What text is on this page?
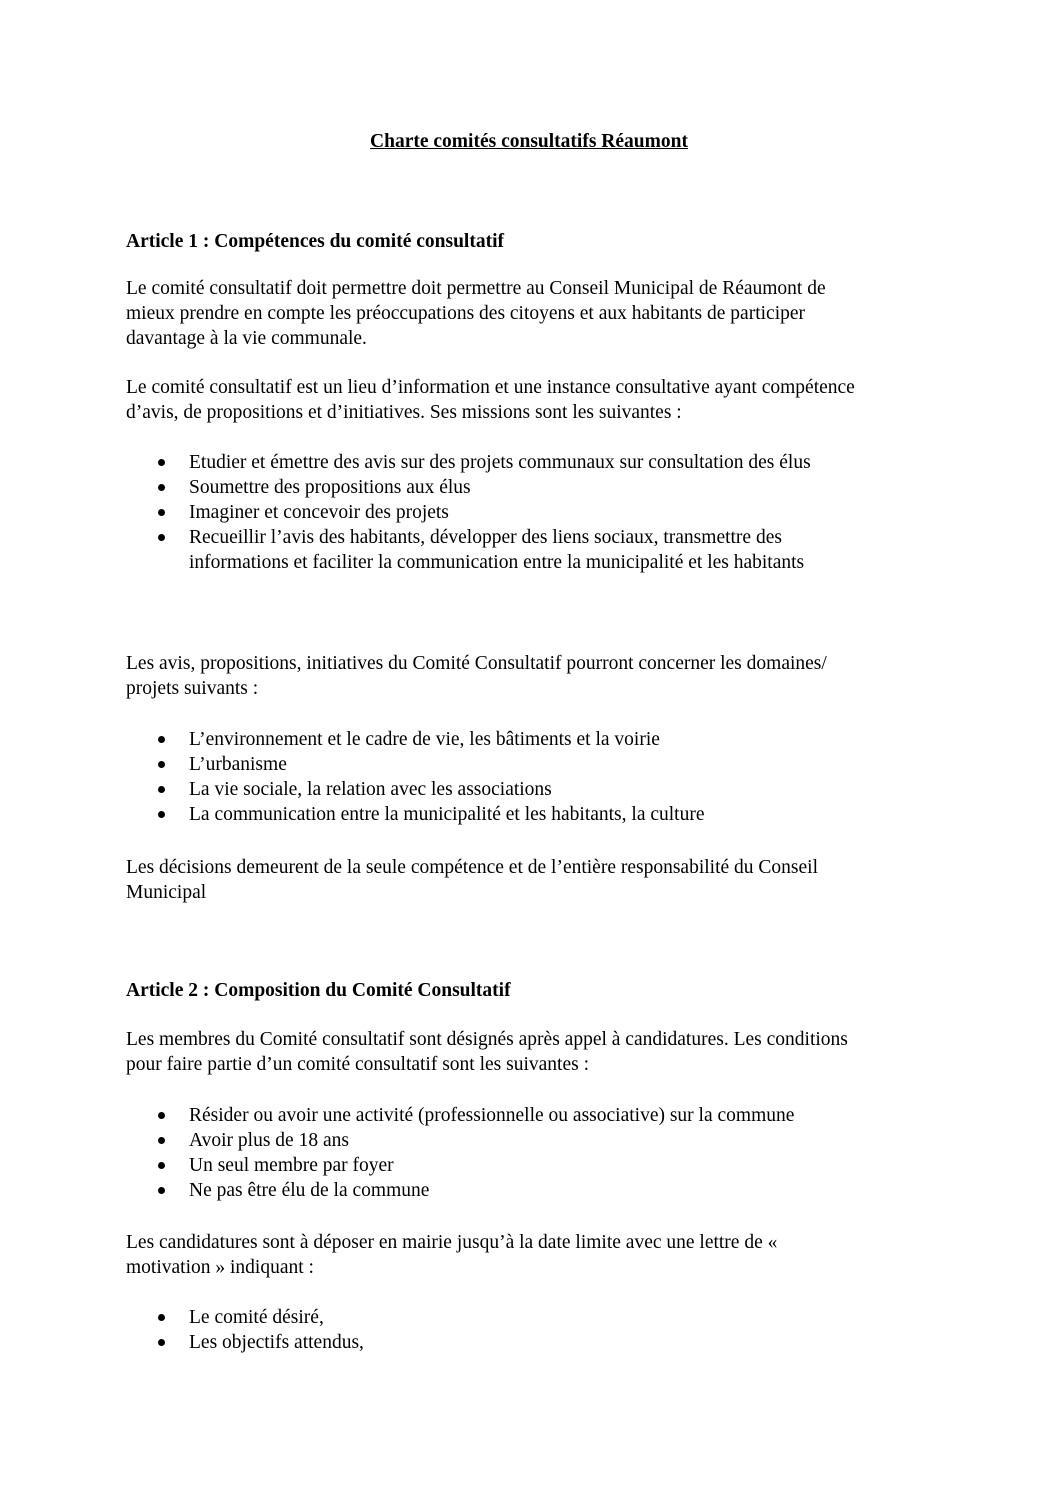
Charte comités consultatifs Réaumont
Article 1 : Compétences du comité consultatif
Le comité consultatif doit permettre doit permettre au Conseil Municipal de Réaumont de
mieux prendre en compte les préoccupations des citoyens et aux habitants de participer
davantage à la vie communale.
Le comité consultatif est un lieu d’information et une instance consultative ayant compétence
d’avis, de propositions et d’initiatives. Ses missions sont les suivantes :
Etudier et émettre des avis sur des projets communaux sur consultation des élus
Soumettre des propositions aux élus
Imaginer et concevoir des projets
Recueillir l’avis des habitants, développer des liens sociaux, transmettre des
informations et faciliter la communication entre la municipalité et les habitants
Les avis, propositions, initiatives du Comité Consultatif pourront concerner les domaines/
projets suivants :
L’environnement et le cadre de vie, les bâtiments et la voirie
L’urbanisme
La vie sociale, la relation avec les associations
La communication entre la municipalité et les habitants, la culture
Les décisions demeurent de la seule compétence et de l’entière responsabilité du Conseil
Municipal
Article 2 : Composition du Comité Consultatif
Les membres du Comité consultatif sont désignés après appel à candidatures. Les conditions
pour faire partie d’un comité consultatif sont les suivantes :
Résider ou avoir une activité (professionnelle ou associative) sur la commune
Avoir plus de 18 ans
Un seul membre par foyer
Ne pas être élu de la commune
Les candidatures sont à déposer en mairie jusqu’à la date limite avec une lettre de «
motivation » indiquant :
Le comité désiré,
Les objectifs attendus,
